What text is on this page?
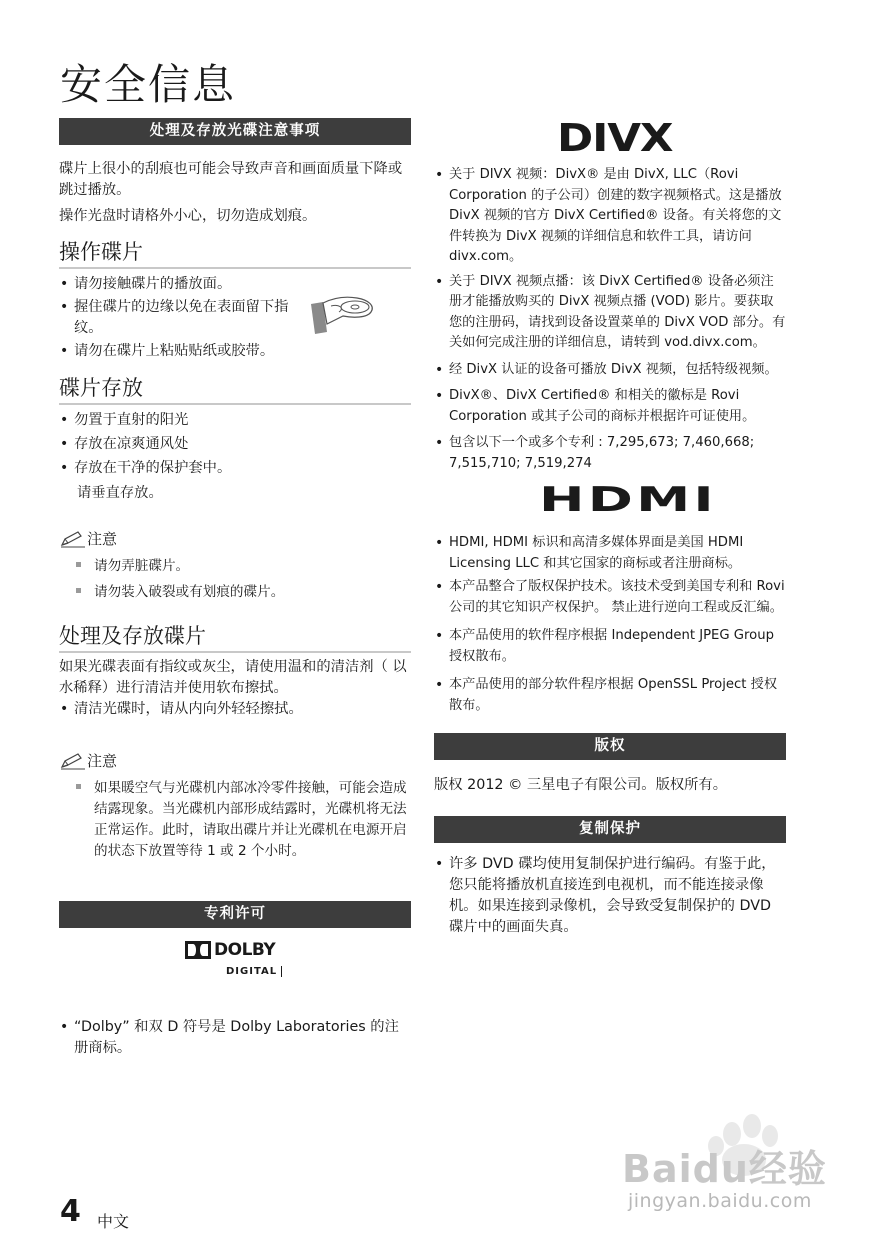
安全信息
处理及存放光碟注意事项

碟片上很小的刮痕也可能会导致声音和画面质量下降或跳过播放。

操作光盘时请格外小心，切勿造成划痕。

操作碟片
• 请勿接触碟片的播放面。
• 握住碟片的边缘以免在表面留下指纹。
• 请勿在碟片上粘贴贴纸或胶带。
碟片存放
• 勿置于直射的阳光
• 存放在凉爽通风处
• 存放在干净的保护套中。

请垂直存放。

注意
请勿弄脏碟片。
请勿装入破裂或有划痕的碟片。
处理及存放碟片

如果光碟表面有指纹或灰尘，请使用温和的清洁剂（ 以水稀释）进行清洁并使用软布擦拭。

• 清洁光碟时，请从内向外轻轻擦拭。
注意
如果暖空气与光碟机内部冰冷零件接触，可能会造成结露现象。当光碟机内部形成结露时，光碟机将无法正常运作。此时，请取出碟片并让光碟机在电源开启的状态下放置等待 1 或 2 个小时。
专利许可
DOLBY
DIGITAL
• “Dolby” 和双 D 符号是 Dolby Laboratories 的注册商标。
DIVX
• 关于 DIVX 视频：DivX® 是由 DivX, LLC（Rovi Corporation 的子公司）创建的数字视频格式。这是播放 DivX 视频的官方 DivX Certified® 设备。有关将您的文件转换为 DivX 视频的详细信息和软件工具，请访问 divx.com。
• 关于 DIVX 视频点播：该 DivX Certified® 设备必须注册才能播放购买的 DivX 视频点播 (VOD) 影片。要获取您的注册码，请找到设备设置菜单的 DivX VOD 部分。有关如何完成注册的详细信息，请转到 vod.divx.com。
• 经 DivX 认证的设备可播放 DivX 视频，包括特级视频。
• DivX®、DivX Certified® 和相关的徽标是 Rovi Corporation 或其子公司的商标并根据许可证使用。
• 包含以下一个或多个专利 : 7,295,673; 7,460,668; 7,515,710; 7,519,274
HDMI
• HDMI, HDMI 标识和高清多媒体界面是美国 HDMI Licensing LLC 和其它国家的商标或者注册商标。
• 本产品整合了版权保护技术。该技术受到美国专利和 Rovi 公司的其它知识产权保护。 禁止进行逆向工程或反汇编。
• 本产品使用的软件程序根据 Independent JPEG Group 授权散布。
• 本产品使用的部分软件程序根据 OpenSSL Project 授权散布。
版权

版权 2012 © 三星电子有限公司。版权所有。

复制保护
• 许多 DVD 碟均使用复制保护进行编码。有鉴于此，您只能将播放机直接连到电视机，而不能连接录像机。如果连接到录像机，会导致受复制保护的 DVD 碟片中的画面失真。
Baidu经验
jingyan.baidu.com
4 中文
